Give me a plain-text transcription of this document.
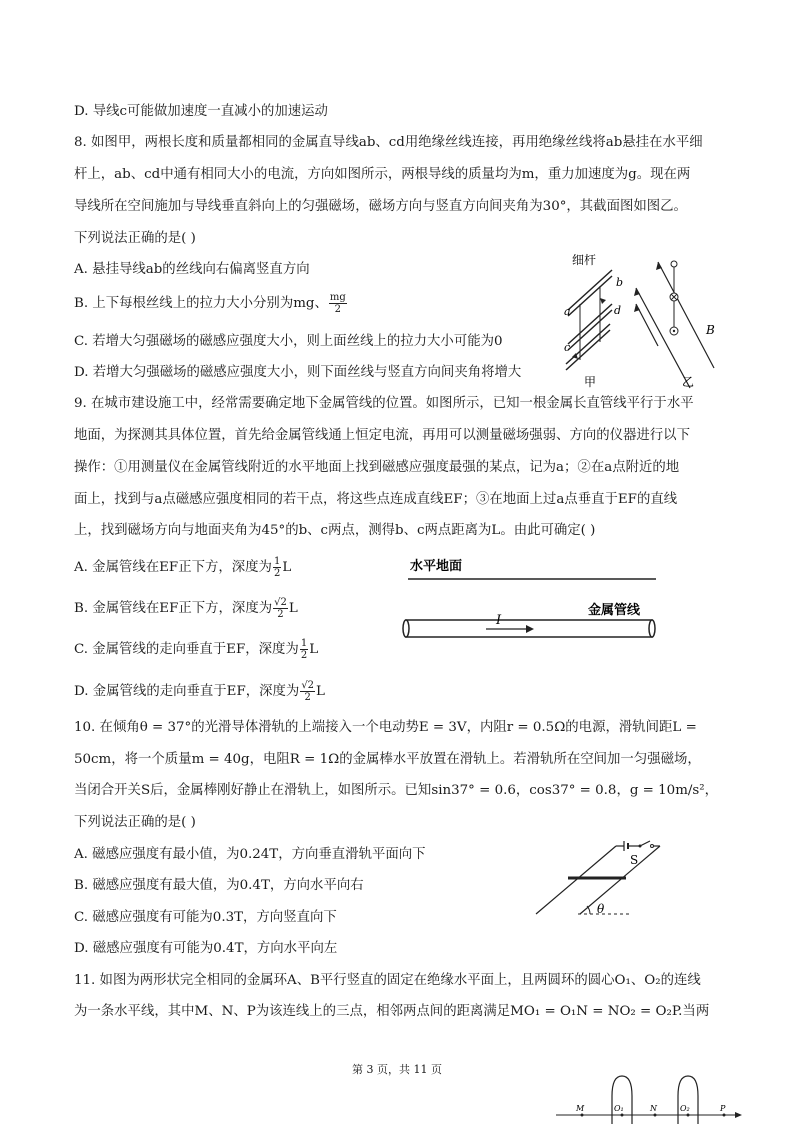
D. 导线c可能做加速度一直减小的加速运动
8. 如图甲，两根长度和质量都相同的金属直导线ab、cd用绝缘丝线连接，再用绝缘丝线将ab悬挂在水平细
杆上，ab、cd中通有相同大小的电流，方向如图所示，两根导线的质量均为m，重力加速度为g。现在两
导线所在空间施加与导线垂直斜向上的匀强磁场，磁场方向与竖直方向间夹角为30°，其截面图如图乙。
下列说法正确的是( )
A. 悬挂导线ab的丝线向右偏离竖直方向
B. 上下每根丝线上的拉力大小分别为mg、 $\frac{mg}{2}$
C. 若增大匀强磁场的磁感应强度大小，则上面丝线上的拉力大小可能为0
D. 若增大匀强磁场的磁感应强度大小，则下面丝线与竖直方向间夹角将增大
9. 在城市建设施工中，经常需要确定地下金属管线的位置。如图所示，已知一根金属长直管线平行于水平
地面，为探测其具体位置，首先给金属管线通上恒定电流，再用可以测量磁场强弱、方向的仪器进行以下
操作：①用测量仪在金属管线附近的水平地面上找到磁感应强度最强的某点，记为a；②在a点附近的地
面上，找到与a点磁感应强度相同的若干点，将这些点连成直线EF；③在地面上过a点垂直于EF的直线
上，找到磁场方向与地面夹角为45°的b、c两点，测得b、c两点距离为L。由此可确定( )
A. 金属管线在EF正下方，深度为 $\frac{1}{2}$ L
B. 金属管线在EF正下方，深度为 $\frac{√2}{2}$ L
C. 金属管线的走向垂直于EF，深度为 $\frac{1}{2}$ L
D. 金属管线的走向垂直于EF，深度为 $\frac{√2}{2}$ L
10. 在倾角θ = 37°的光滑导体滑轨的上端接入一个电动势E = 3V，内阻r = 0.5Ω的电源，滑轨间距L =
50cm，将一个质量m = 40g，电阻R = 1Ω的金属棒水平放置在滑轨上。若滑轨所在空间加一匀强磁场，
当闭合开关S后，金属棒刚好静止在滑轨上，如图所示。已知sin37° = 0.6，cos37° = 0.8，g = 10m/s²，
下列说法正确的是( )
A. 磁感应强度有最小值，为0.24T，方向垂直滑轨平面向下
B. 磁感应强度有最大值，为0.4T，方向水平向右
C. 磁感应强度有可能为0.3T，方向竖直向下
D. 磁感应强度有可能为0.4T，方向水平向左
11. 如图为两形状完全相同的金属环A、B平行竖直的固定在绝缘水平面上，且两圆环的圆心O₁、O₂的连线
为一条水平线，其中M、N、P为该连线上的三点，相邻两点间的距离满足MO₁ = O₁N = NO₂ = O₂P.当两
第 3 页，共 11 页
细杆
b
a	d
c
甲
B
乙
水平地面
I
金属管线
S
θ
M	O₁	N	O₂	P
